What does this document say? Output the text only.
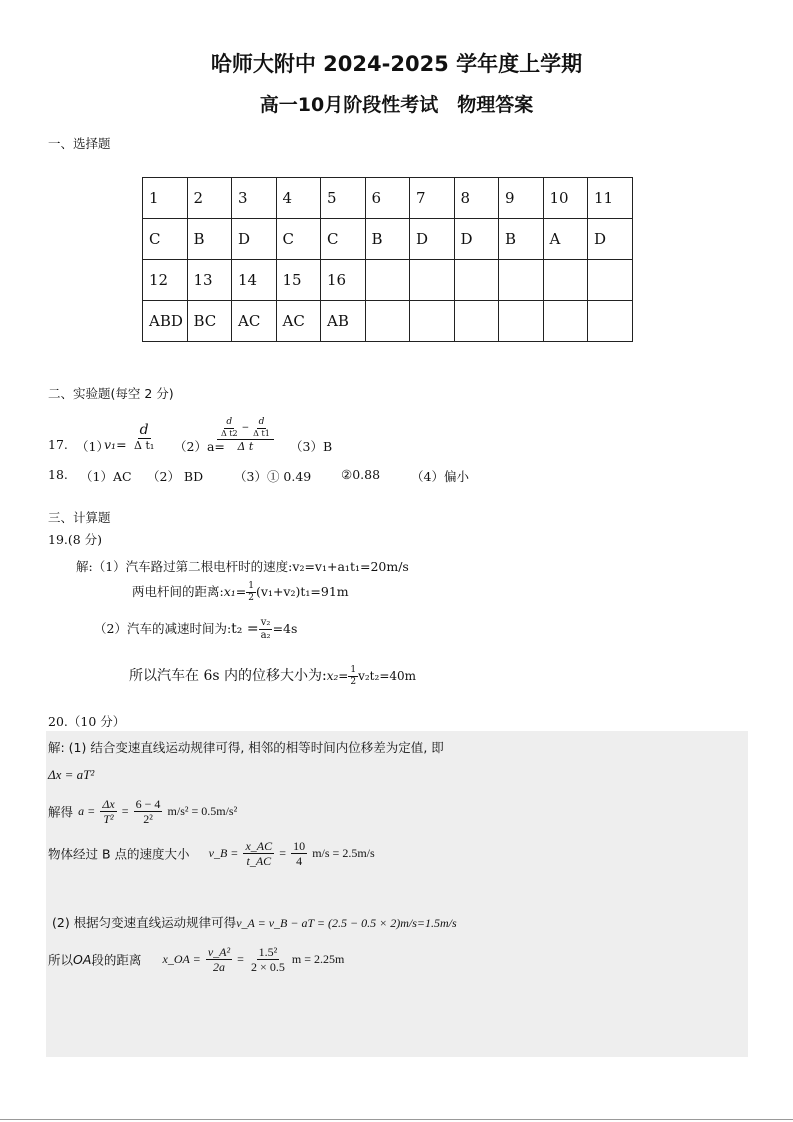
哈师大附中 2024-2025 学年度上学期
高一10月阶段性考试　物理答案
一、选择题
1	2	3	4	5	6	7	8	9	10	11
C	B	D	C	C	B	D	D	B	A	D
12	13	14	15	16						
ABD	BC	AC	AC	AB						
二、实验题(每空 2 分)
17. （1）
$v_1= \frac{d}{\text{Δ t₁}} (2)a=$
$\frac{\frac{d}{\text{Δ t2}} - \frac{d}{\text{Δ t1}}}{\text{Δ t}} (3)B$
18. （1）AC （2） BD （3）① 0.49 ②0.88 （4）偏小
三、计算题
19.(8 分)
解:（1）汽车路过第二根电杆时的速度:v₂=v₁+a₁t₁=20m/s
两电杆间的距离:x₁= $\frac{1}{2} (v_1+v_2)t_1=91m$
（2）汽车的减速时间为:t₂ = $\frac{\text{v₂}}{\text{a₂}} =4s$
所以汽车在 6s 内的位移大小为:x₂= $\frac{1}{2} v_2t_2=40m$
20.（10 分）
解: (1) 结合变速直线运动规律可得, 相邻的相等时间内位移差为定值, 即
Δx = aT²
解得 $a = \frac{\Delta x}{\text{T²}} = \frac{6 - 4}{\text{2²}} m/s^2 = 0.5m/s^2$
物体经过 B 点的速度大小 v_B = $\frac{x\_AC}{t\_AC} = \frac{10}{4} m/s = 2.5m/s$
(2) 根据匀变速直线运动规律可得v_A = v_B − aT = (2.5 − 0.5 × 2)m/s=1.5m/s
所以OA段的距离 x_OA = $\frac{\text{v\_A²}}{2a} = \frac{\text{1.5²}}{2 \times 0.5}$ m = 2.25m
